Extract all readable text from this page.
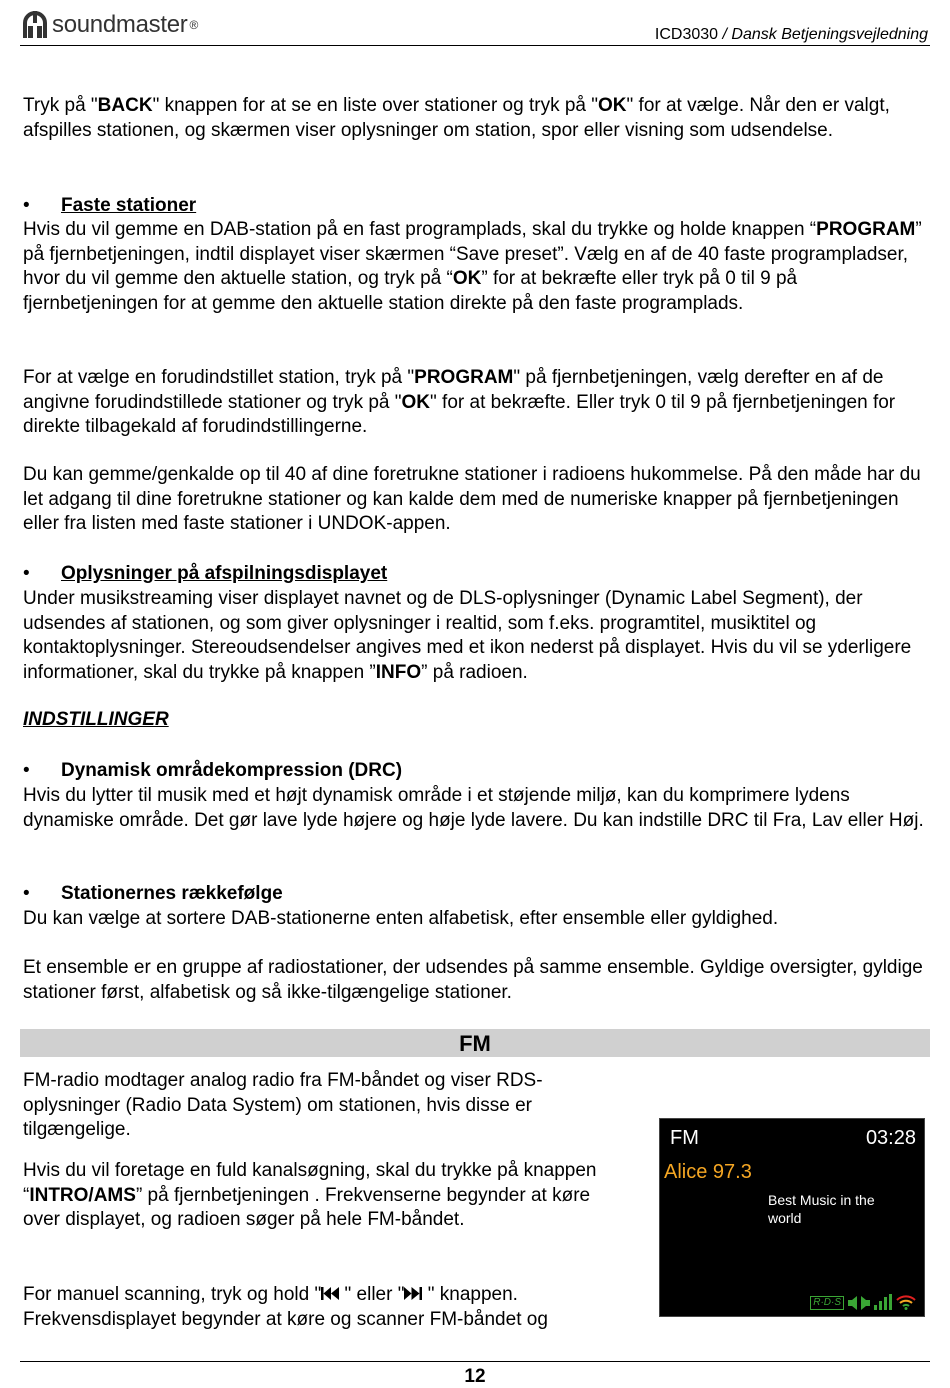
soundmaster ®
ICD3030 / Dansk Betjeningsvejledning

Tryk på "BACK" knappen for at se en liste over stationer og tryk på "OK" for at vælge. Når den er valgt, afspilles stationen, og skærmen viser oplysninger om station, spor eller visning som udsendelse.

• Faste stationer

Hvis du vil gemme en DAB-station på en fast programplads, skal du trykke og holde knappen “PROGRAM” på fjernbetjeningen, indtil displayet viser skærmen “Save preset”. Vælg en af de 40 faste programpladser, hvor du vil gemme den aktuelle station, og tryk på “OK” for at bekræfte eller tryk på 0 til 9 på fjernbetjeningen for at gemme den aktuelle station direkte på den faste programplads.

For at vælge en forudindstillet station, tryk på "PROGRAM" på fjernbetjeningen, vælg derefter en af de angivne forudindstillede stationer og tryk på "OK" for at bekræfte. Eller tryk 0 til 9 på fjernbetjeningen for direkte tilbagekald af forudindstillingerne.

Du kan gemme/genkalde op til 40 af dine foretrukne stationer i radioens hukommelse. På den måde har du let adgang til dine foretrukne stationer og kan kalde dem med de numeriske knapper på fjernbetjeningen eller fra listen med faste stationer i UNDOK-appen.

• Oplysninger på afspilningsdisplayet

Under musikstreaming viser displayet navnet og de DLS-oplysninger (Dynamic Label Segment), der udsendes af stationen, og som giver oplysninger i realtid, som f.eks. programtitel, musiktitel og kontaktoplysninger. Stereoudsendelser angives med et ikon nederst på displayet. Hvis du vil se yderligere informationer, skal du trykke på knappen ”INFO” på radioen.

INDSTILLINGER
• Dynamisk områdekompression (DRC)

Hvis du lytter til musik med et højt dynamisk område i et støjende miljø, kan du komprimere lydens dynamiske område. Det gør lave lyde højere og høje lyde lavere. Du kan indstille DRC til Fra, Lav eller Høj.

• Stationernes rækkefølge

Du kan vælge at sortere DAB-stationerne enten alfabetisk, efter ensemble eller gyldighed.

Et ensemble er en gruppe af radiostationer, der udsendes på samme ensemble. Gyldige oversigter, gyldige stationer først, alfabetisk og så ikke-tilgængelige stationer.

FM

FM-radio modtager analog radio fra FM-båndet og viser RDS-oplysninger (Radio Data System) om stationen, hvis disse er tilgængelige.

Hvis du vil foretage en fuld kanalsøgning, skal du trykke på knappen “INTRO/AMS” på fjernbetjeningen . Frekvenserne begynder at køre over displayet, og radioen søger på hele FM-båndet.

For manuel scanning, tryk og hold " " eller " " knappen.
Frekvensdisplayet begynder at køre og scanner FM-båndet og

FM	03:28
Alice 97.3
Best Music in the world
R·D·S
12
